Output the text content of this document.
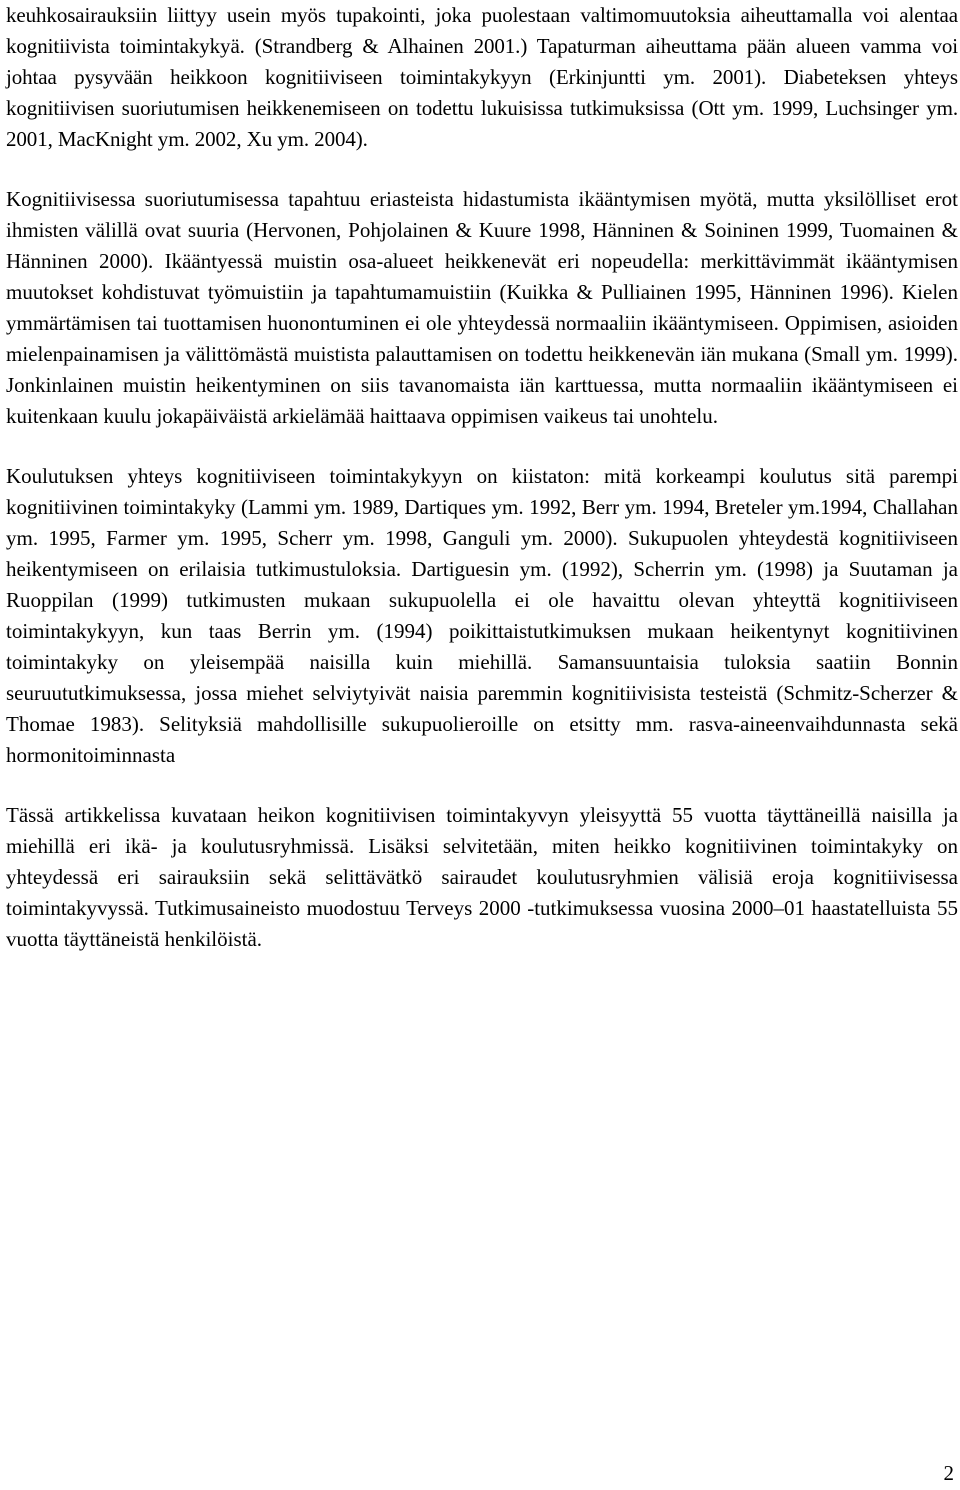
keuhkosairauksiin liittyy usein myös tupakointi, joka puolestaan valtimomuutoksia aiheuttamalla voi alentaa kognitiivista toimintakykyä. (Strandberg & Alhainen 2001.) Tapaturman aiheuttama pään alueen vamma voi johtaa pysyvään heikkoon kognitiiviseen toimintakykyyn (Erkinjuntti ym. 2001). Diabeteksen yhteys kognitiivisen suoriutumisen heikkenemiseen on todettu lukuisissa tutkimuksissa (Ott ym. 1999, Luchsinger ym. 2001, MacKnight ym. 2002, Xu ym. 2004).

Kognitiivisessa suoriutumisessa tapahtuu eriasteista hidastumista ikääntymisen myötä, mutta yksilölliset erot ihmisten välillä ovat suuria (Hervonen, Pohjolainen & Kuure 1998, Hänninen & Soininen 1999, Tuomainen & Hänninen 2000). Ikääntyessä muistin osa-alueet heikkenevät eri nopeudella: merkittävimmät ikääntymisen muutokset kohdistuvat työmuistiin ja tapahtumamuistiin (Kuikka & Pulliainen 1995, Hänninen 1996). Kielen ymmärtämisen tai tuottamisen huonontuminen ei ole yhteydessä normaaliin ikääntymiseen. Oppimisen, asioiden mielenpainamisen ja välittömästä muistista palauttamisen on todettu heikkenevän iän mukana (Small ym. 1999). Jonkinlainen muistin heikentyminen on siis tavanomaista iän karttuessa, mutta normaaliin ikääntymiseen ei kuitenkaan kuulu jokapäiväistä arkielämää haittaava oppimisen vaikeus tai unohtelu.

Koulutuksen yhteys kognitiiviseen toimintakykyyn on kiistaton: mitä korkeampi koulutus sitä parempi kognitiivinen toimintakyky (Lammi ym. 1989, Dartiques ym. 1992, Berr ym. 1994, Breteler ym.1994, Challahan ym. 1995, Farmer ym. 1995, Scherr ym. 1998, Ganguli ym. 2000). Sukupuolen yhteydestä kognitiiviseen heikentymiseen on erilaisia tutkimustuloksia. Dartiguesin ym. (1992), Scherrin ym. (1998) ja Suutaman ja Ruoppilan (1999) tutkimusten mukaan sukupuolella ei ole havaittu olevan yhteyttä kognitiiviseen toimintakykyyn, kun taas Berrin ym. (1994) poikittaistutkimuksen mukaan heikentynyt kognitiivinen toimintakyky on yleisempää naisilla kuin miehillä. Samansuuntaisia tuloksia saatiin Bonnin seuruututkimuksessa, jossa miehet selviytyivät naisia paremmin kognitiivisista testeistä (Schmitz-Scherzer & Thomae 1983). Selityksiä mahdollisille sukupuolieroille on etsitty mm. rasva-aineenvaihdunnasta sekä hormonitoiminnasta

Tässä artikkelissa kuvataan heikon kognitiivisen toimintakyvyn yleisyyttä 55 vuotta täyttäneillä naisilla ja miehillä eri ikä- ja koulutusryhmissä. Lisäksi selvitetään, miten heikko kognitiivinen toimintakyky on yhteydessä eri sairauksiin sekä selittävätkö sairaudet koulutusryhmien välisiä eroja kognitiivisessa toimintakyvyssä. Tutkimusaineisto muodostuu Terveys 2000 -tutkimuksessa vuosina 2000–01 haastatelluista 55 vuotta täyttäneistä henkilöistä.

2
